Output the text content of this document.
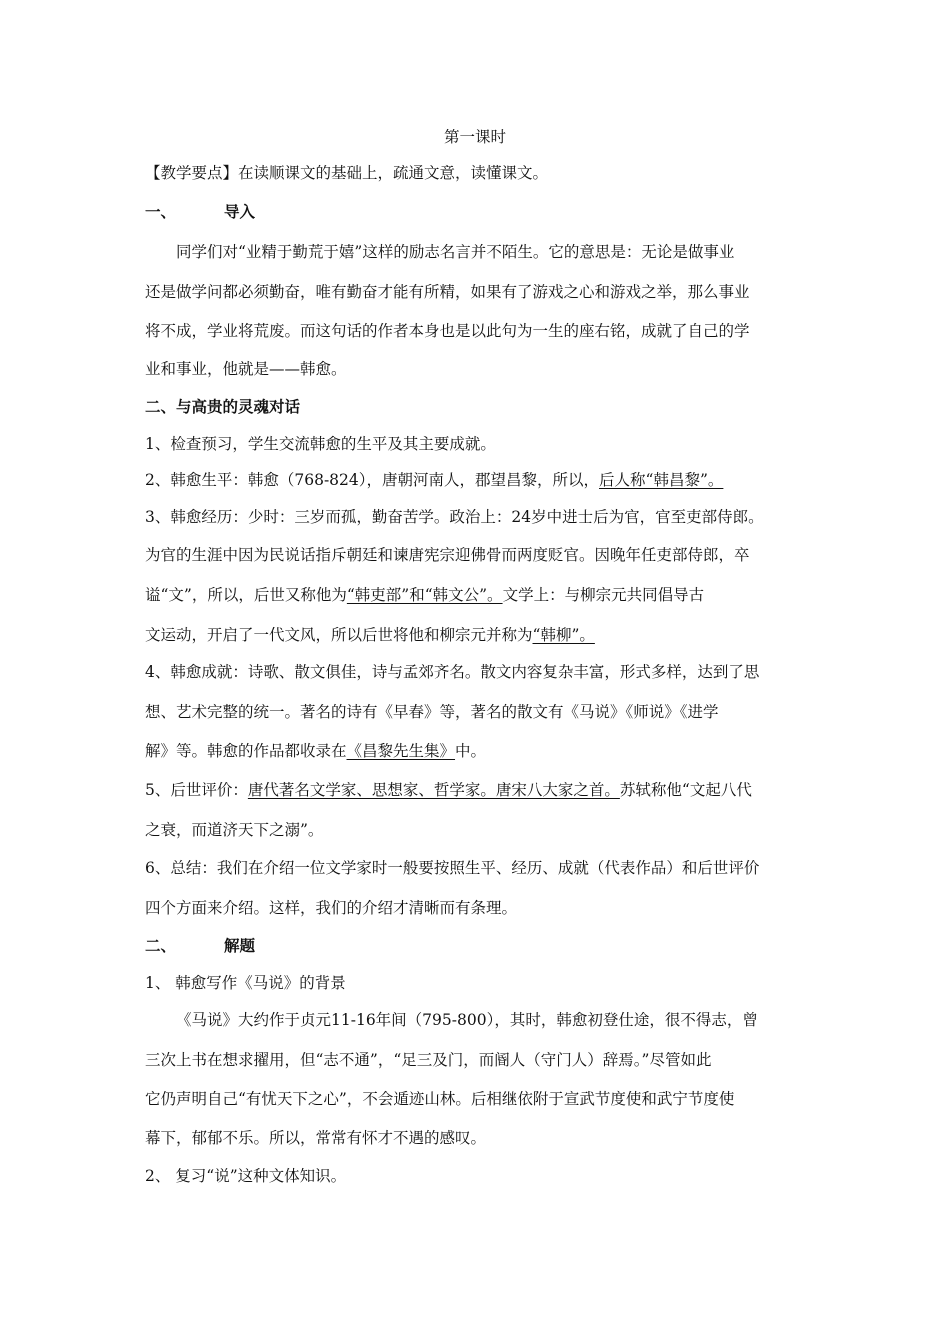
第一课时
【教学要点】在读顺课文的基础上，疏通文意，读懂课文。
一、	导入
同学们对“业精于勤荒于嬉”这样的励志名言并不陌生。它的意思是：无论是做事业
还是做学问都必须勤奋，唯有勤奋才能有所精，如果有了游戏之心和游戏之举，那么事业
将不成，学业将荒废。而这句话的作者本身也是以此句为一生的座右铭，成就了自己的学
业和事业，他就是——韩愈。
二、与高贵的灵魂对话
1、检查预习，学生交流韩愈的生平及其主要成就。
2、韩愈生平：韩愈（768-824），唐朝河南人，郡望昌黎，所以，后人称“韩昌黎”。
3、韩愈经历：少时：三岁而孤，勤奋苦学。政治上：24岁中进士后为官，官至吏部侍郎。
为官的生涯中因为民说话指斥朝廷和谏唐宪宗迎佛骨而两度贬官。因晚年任吏部侍郎，卒
谥“文”，所以，后世又称他为“韩吏部”和“韩文公”。文学上：与柳宗元共同倡导古
文运动，开启了一代文风，所以后世将他和柳宗元并称为“韩柳”。
4、韩愈成就：诗歌、散文俱佳，诗与孟郊齐名。散文内容复杂丰富，形式多样，达到了思
想、艺术完整的统一。著名的诗有《早春》等，著名的散文有《马说》《师说》《进学
解》等。韩愈的作品都收录在《昌黎先生集》中。
5、后世评价：唐代著名文学家、思想家、哲学家。唐宋八大家之首。苏轼称他“文起八代
之衰，而道济天下之溺”。
6、总结：我们在介绍一位文学家时一般要按照生平、经历、成就（代表作品）和后世评价
四个方面来介绍。这样，我们的介绍才清晰而有条理。
二、	解题
1、 韩愈写作《马说》的背景
《马说》大约作于贞元11-16年间（795-800），其时，韩愈初登仕途，很不得志，曾
三次上书在想求擢用，但“志不通”，“足三及门，而阍人（守门人）辞焉。”尽管如此
它仍声明自己“有忧天下之心”，不会遁迹山林。后相继依附于宣武节度使和武宁节度使
幕下，郁郁不乐。所以，常常有怀才不遇的感叹。
2、 复习“说”这种文体知识。
